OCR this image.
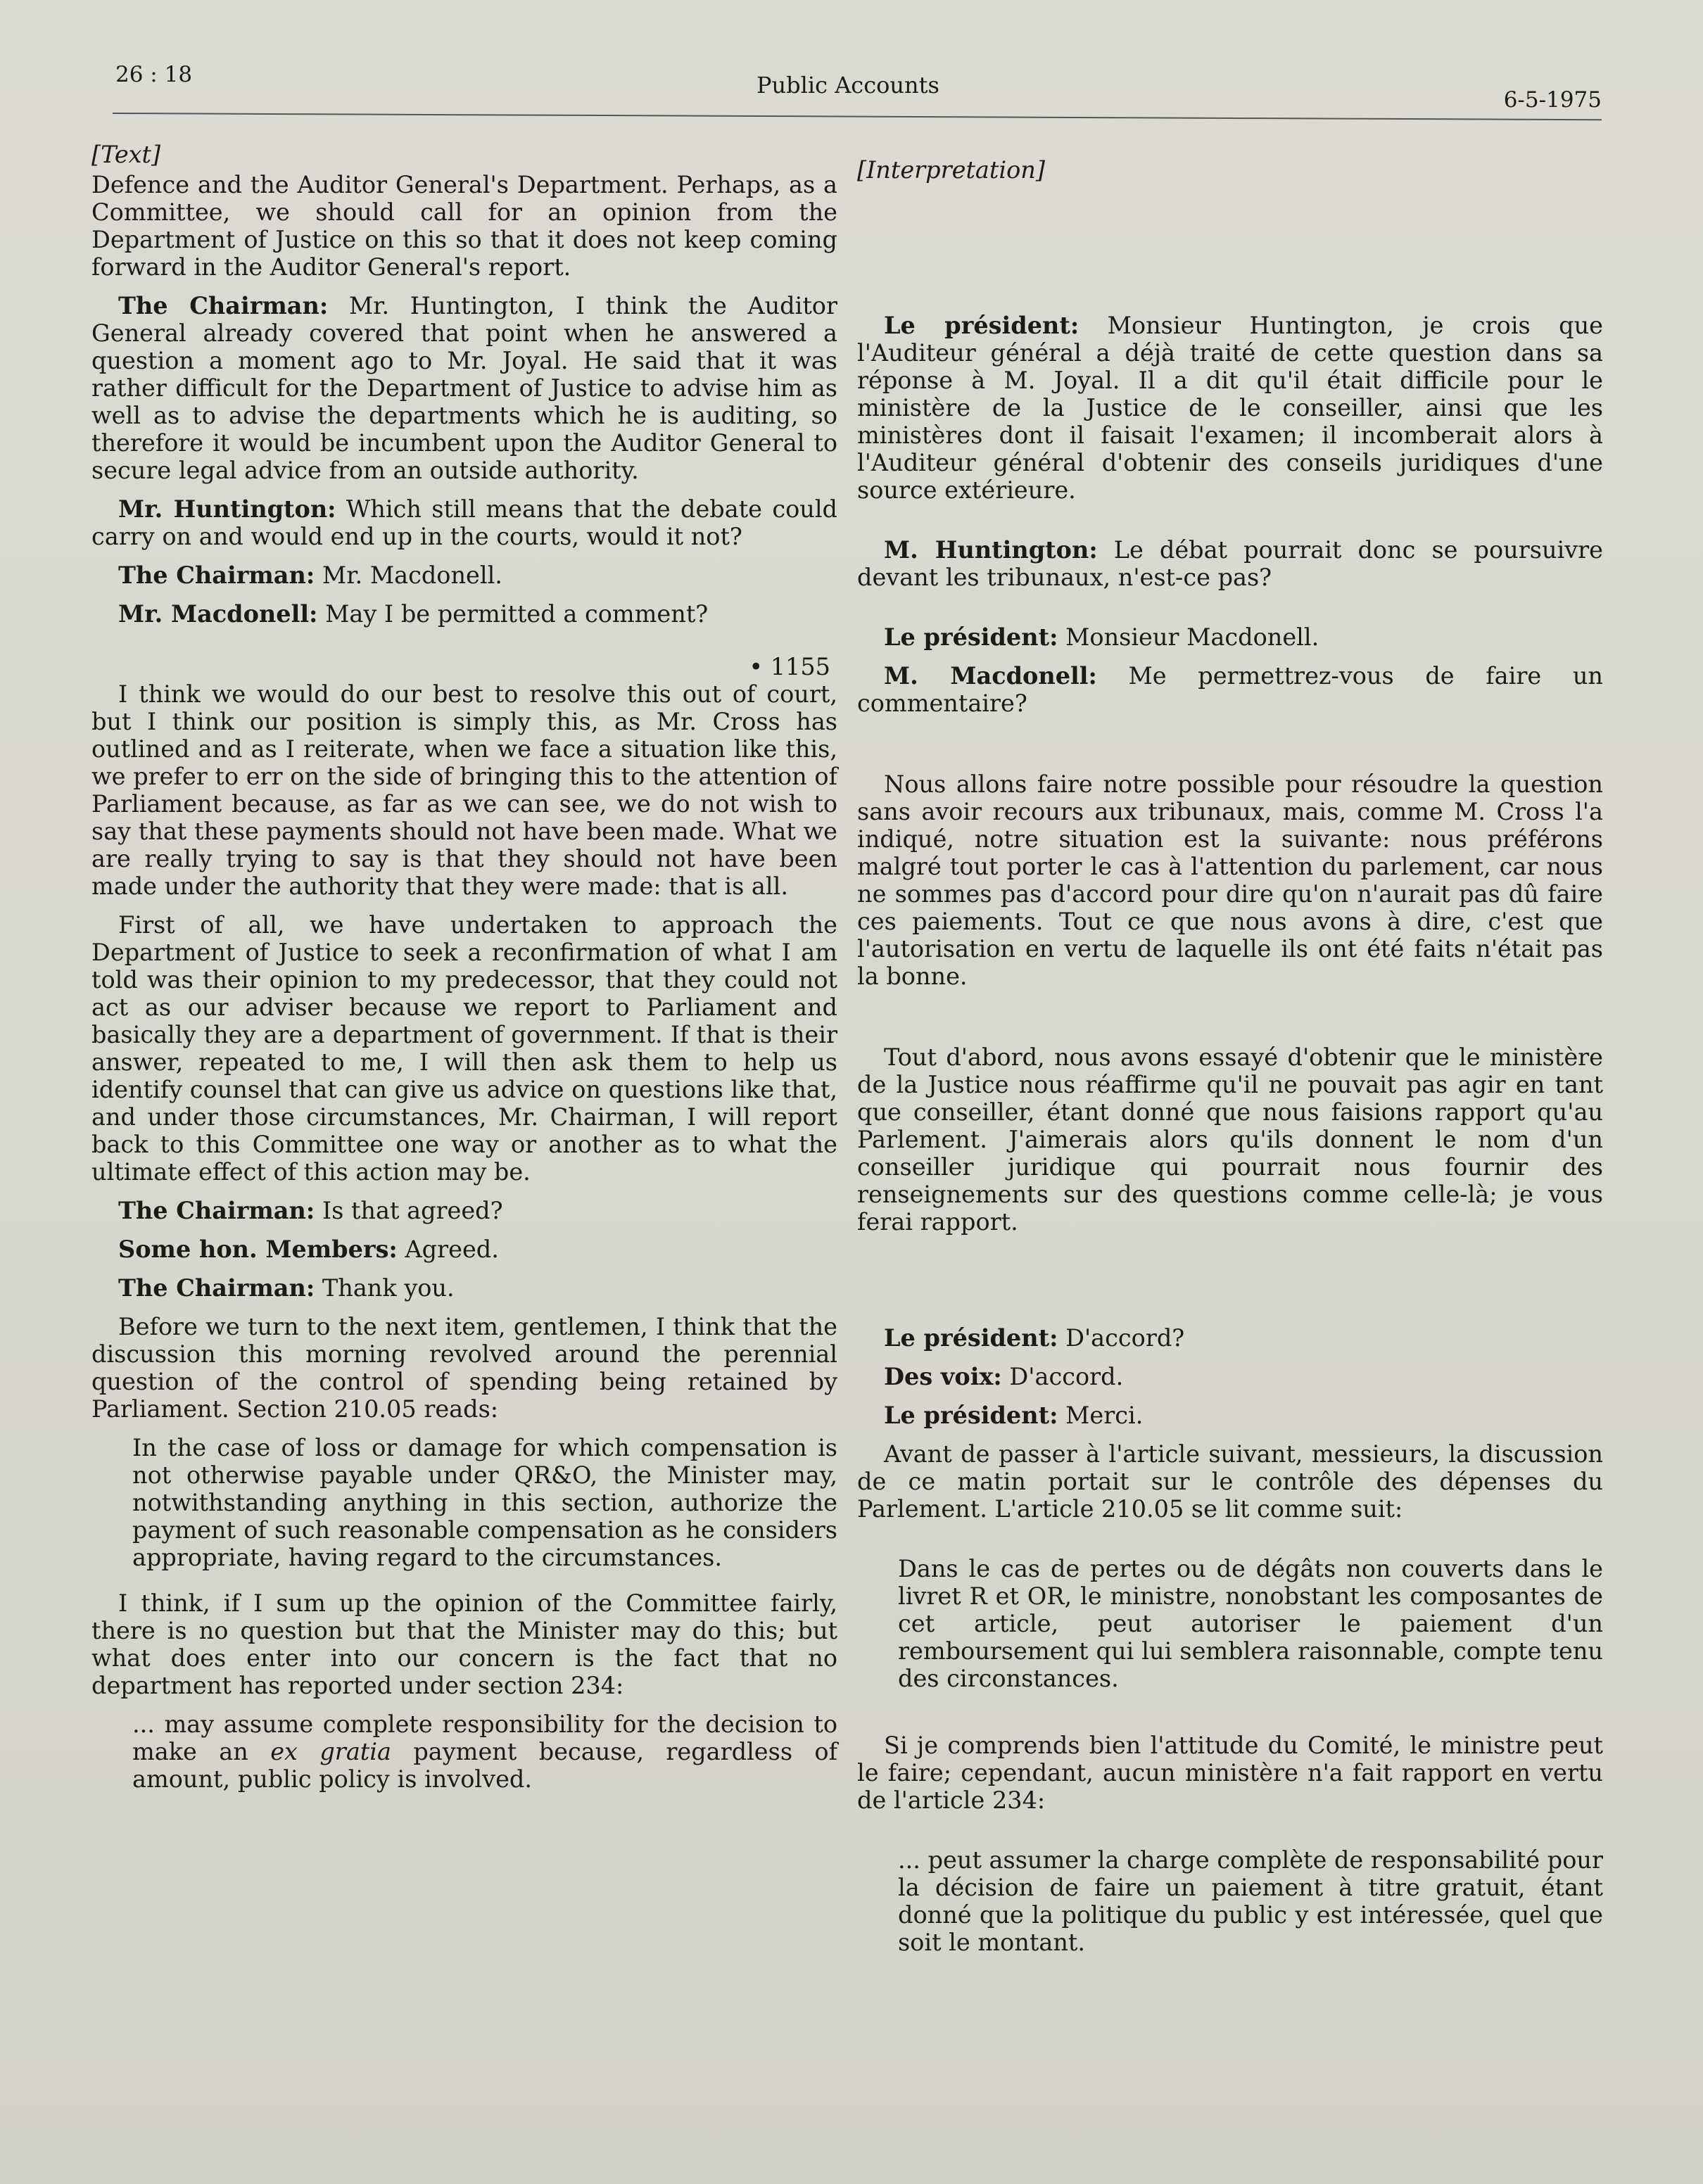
26 : 18	Public Accounts
6-5-1975
[Text]

Defence and the Auditor General's Department. Perhaps, as a Committee, we should call for an opinion from the Department of Justice on this so that it does not keep coming forward in the Auditor General's report.

The Chairman: Mr. Huntington, I think the Auditor General already covered that point when he answered a question a moment ago to Mr. Joyal. He said that it was rather difficult for the Department of Justice to advise him as well as to advise the departments which he is auditing, so therefore it would be incumbent upon the Auditor General to secure legal advice from an outside authority.

Mr. Huntington: Which still means that the debate could carry on and would end up in the courts, would it not?

The Chairman: Mr. Macdonell.

Mr. Macdonell: May I be permitted a comment?

• 1155

I think we would do our best to resolve this out of court, but I think our position is simply this, as Mr. Cross has outlined and as I reiterate, when we face a situation like this, we prefer to err on the side of bringing this to the attention of Parliament because, as far as we can see, we do not wish to say that these payments should not have been made. What we are really trying to say is that they should not have been made under the authority that they were made: that is all.

First of all, we have undertaken to approach the Department of Justice to seek a reconfirmation of what I am told was their opinion to my predecessor, that they could not act as our adviser because we report to Parliament and basically they are a department of government. If that is their answer, repeated to me, I will then ask them to help us identify counsel that can give us advice on questions like that, and under those circumstances, Mr. Chairman, I will report back to this Committee one way or another as to what the ultimate effect of this action may be.

The Chairman: Is that agreed?

Some hon. Members: Agreed.

The Chairman: Thank you.

Before we turn to the next item, gentlemen, I think that the discussion this morning revolved around the perennial question of the control of spending being retained by Parliament. Section 210.05 reads:

In the case of loss or damage for which compensation is not otherwise payable under QR&O, the Minister may, notwithstanding anything in this section, authorize the payment of such reasonable compensation as he considers appropriate, having regard to the circumstances.

I think, if I sum up the opinion of the Committee fairly, there is no question but that the Minister may do this; but what does enter into our concern is the fact that no department has reported under section 234:

... may assume complete responsibility for the decision to make an ex gratia payment because, regardless of amount, public policy is involved.
[Interpretation]

Le président: Monsieur Huntington, je crois que l'Auditeur général a déjà traité de cette question dans sa réponse à M. Joyal. Il a dit qu'il était difficile pour le ministère de la Justice de le conseiller, ainsi que les ministères dont il faisait l'examen; il incomberait alors à l'Auditeur général d'obtenir des conseils juridiques d'une source extérieure.

M. Huntington: Le débat pourrait donc se poursuivre devant les tribunaux, n'est-ce pas?

Le président: Monsieur Macdonell.

M. Macdonell: Me permettrez-vous de faire un commentaire?

Nous allons faire notre possible pour résoudre la question sans avoir recours aux tribunaux, mais, comme M. Cross l'a indiqué, notre situation est la suivante: nous préférons malgré tout porter le cas à l'attention du parlement, car nous ne sommes pas d'accord pour dire qu'on n'aurait pas dû faire ces paiements. Tout ce que nous avons à dire, c'est que l'autorisation en vertu de laquelle ils ont été faits n'était pas la bonne.

Tout d'abord, nous avons essayé d'obtenir que le ministère de la Justice nous réaffirme qu'il ne pouvait pas agir en tant que conseiller, étant donné que nous faisions rapport qu'au Parlement. J'aimerais alors qu'ils donnent le nom d'un conseiller juridique qui pourrait nous fournir des renseignements sur des questions comme celle-là; je vous ferai rapport.

Le président: D'accord?

Des voix: D'accord.

Le président: Merci.

Avant de passer à l'article suivant, messieurs, la discussion de ce matin portait sur le contrôle des dépenses du Parlement. L'article 210.05 se lit comme suit:

Dans le cas de pertes ou de dégâts non couverts dans le livret R et OR, le ministre, nonobstant les composantes de cet article, peut autoriser le paiement d'un remboursement qui lui semblera raisonnable, compte tenu des circonstances.

Si je comprends bien l'attitude du Comité, le ministre peut le faire; cependant, aucun ministère n'a fait rapport en vertu de l'article 234:

... peut assumer la charge complète de responsabilité pour la décision de faire un paiement à titre gratuit, étant donné que la politique du public y est intéressée, quel que soit le montant.
